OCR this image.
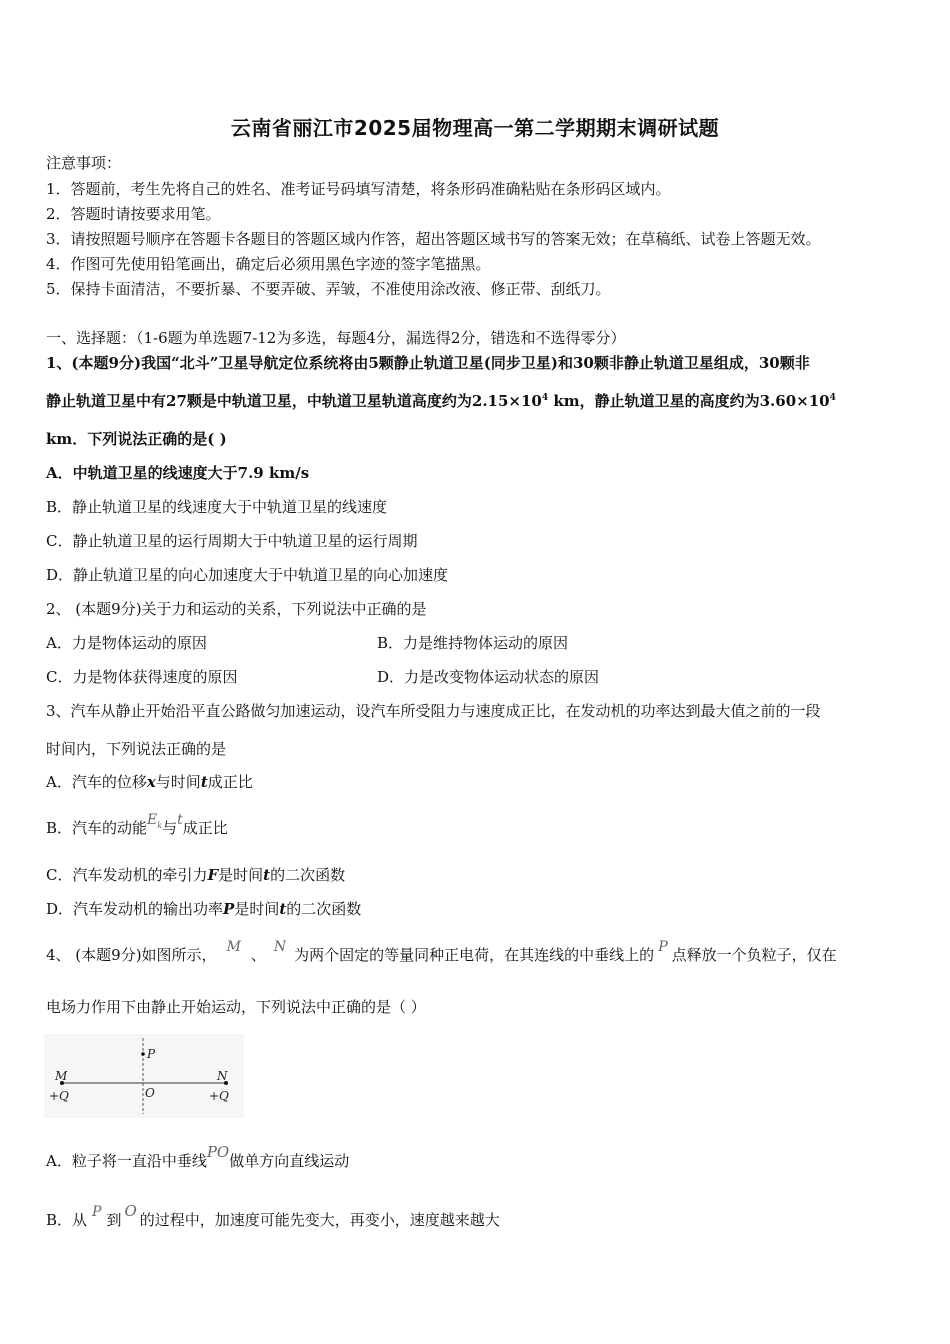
云南省丽江市2025届物理高一第二学期期末调研试题
注意事项：
1．答题前，考生先将自己的姓名、准考证号码填写清楚，将条形码准确粘贴在条形码区域内。
2．答题时请按要求用笔。
3．请按照题号顺序在答题卡各题目的答题区域内作答，超出答题区域书写的答案无效；在草稿纸、试卷上答题无效。
4．作图可先使用铅笔画出，确定后必须用黑色字迹的签字笔描黑。
5．保持卡面清洁，不要折暴、不要弄破、弄皱，不准使用涂改液、修正带、刮纸刀。
一、选择题：（1-6题为单选题7-12为多选，每题4分，漏选得2分，错选和不选得零分）
1、(本题9分)我国“北斗”卫星导航定位系统将由5颗静止轨道卫星(同步卫星)和30颗非静止轨道卫星组成，30颗非
静止轨道卫星中有27颗是中轨道卫星，中轨道卫星轨道高度约为$2.15\times 10^4$ km，静止轨道卫星的高度约为$3.60\times 10^4$
km．下列说法正确的是( )
A．中轨道卫星的线速度大于7.9 km/s
B．静止轨道卫星的线速度大于中轨道卫星的线速度
C．静止轨道卫星的运行周期大于中轨道卫星的运行周期
D．静止轨道卫星的向心加速度大于中轨道卫星的向心加速度
2、 (本题9分)关于力和运动的关系，下列说法中正确的是
A．力是物体运动的原因	B．力是维持物体运动的原因
C．力是物体获得速度的原因	D．力是改变物体运动状态的原因
3、汽车从静止开始沿平直公路做匀加速运动，设汽车所受阻力与速度成正比，在发动机的功率达到最大值之前的一段
时间内，下列说法正确的是
A．汽车的位移x与时间t成正比
B．汽车的动能$E_k$与t成正比
C．汽车发动机的牵引力F是时间t的二次函数
D．汽车发动机的输出功率P是时间t的二次函数
4、 (本题9分)如图所示， M 、 N 为两个固定的等量同种正电荷，在其连线的中垂线上的 P 点释放一个负粒子，仅在
电场力作用下由静止开始运动，下列说法中正确的是（ ）
P
M	N
O
+Q	+Q
A．粒子将一直沿中垂线PO做单方向直线运动
B．从 P 到 O 的过程中，加速度可能先变大，再变小，速度越来越大
